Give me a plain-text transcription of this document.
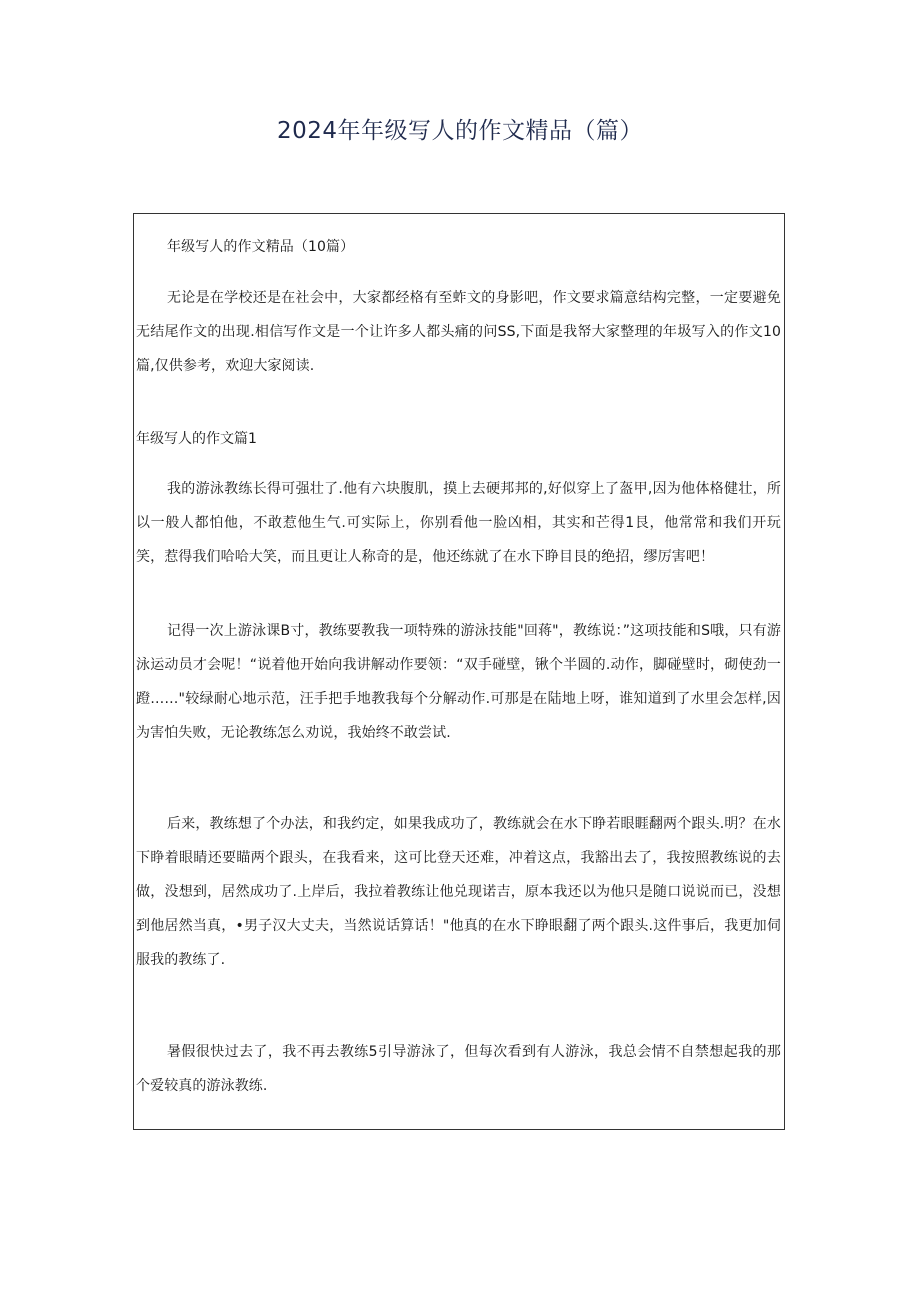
2024年年级写人的作文精品（篇）

年级写人的作文精品（10篇）

无论是在学校还是在社会中，大家都经格有至蚱文的身影吧，作文要求篇意结构完整，一定要避免无结尾作文的出现.相信写作文是一个让许多人都头痛的问SS,下面是我帑大家整理的年圾写入的作文10篇,仅供参考，欢迎大家阅读.

年级写人的作文篇1

我的游泳教练长得可强壮了.他有六块腹肌，摸上去硬邦邦的,好似穿上了盔甲,因为他体格健壮，所以一般人都怕他，不敢惹他生气.可实际上，你别看他一脸凶相，其实和芒得1艮，他常常和我们开玩笑，惹得我们哈哈大笑，而且更让人称奇的是，他还练就了在水下睁目艮的绝招，缪厉害吧！

记得一次上游泳课B寸，教练要教我一项特殊的游泳技能"回蒋"，教练说：”这项技能和S哦，只有游泳运动员才会呢！“说着他开始向我讲解动作要领：“双手碰壁，锹个半圆的.动作，脚碰壁时，砌使劲一蹬……"较绿耐心地示范，汪手把手地教我每个分解动作.可那是在陆地上呀，谁知道到了水里会怎样,因为害怕失败，无论教练怎么劝说，我始终不敢尝试.

后来，教练想了个办法，和我约定，如果我成功了，教练就会在水下睁若眼睚翻两个跟头.明？在水下睁着眼睛还要瞄两个跟头，在我看来，这可比登天还难，冲着这点，我豁出去了，我按照教练说的去做，没想到，居然成功了.上岸后，我拉着教练让他兑现诺吉，原本我还以为他只是随口说说而已，没想到他居然当真，•男子汉大丈夫，当然说话算话！"他真的在水下睁眼翻了两个跟头.这件事后，我更加伺服我的教练了.

暑假很快过去了，我不再去教练5引导游泳了，但每次看到有人游泳，我总会情不自禁想起我的那个爱较真的游泳教练.
